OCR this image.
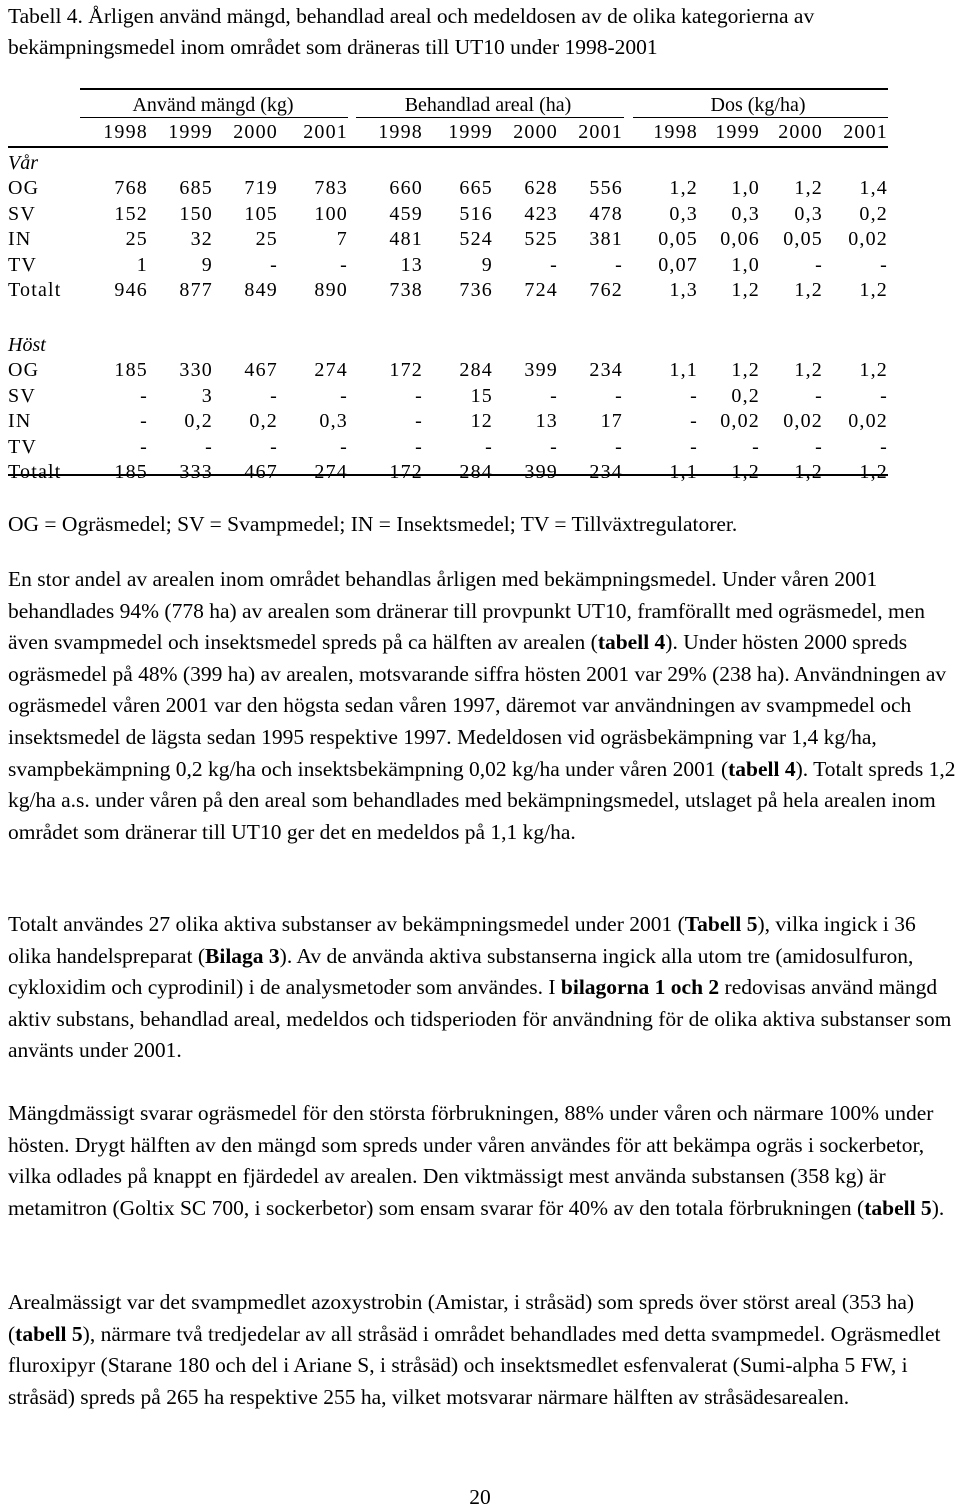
Tabell 4. Årligen använd mängd, behandlad areal och medeldosen av de olika kategorierna av bekämpningsmedel inom området som dräneras till UT10 under 1998-2001
Använd mängd (kg)	Behandlad areal (ha)	Dos (kg/ha)
1998 1999 2000 2001 1998 1999 2000 2001 1998 1999 2000 2001
Vår
OG	768 685 719 783 660 665 628 556 1,2 1,0 1,2 1,4
SV	152 150 105 100 459 516 423 478 0,3 0,3 0,3 0,2
IN	25 32 25	7 481 524 525 381 0,05 0,06 0,05 0,02
TV	1	9	-	-	13	9	-	- 0,07 1,0	-	-
Totalt	946 877 849 890 738 736 724 762 1,3 1,2 1,2 1,2
Höst
OG	185 330 467 274 172 284 399 234 1,1 1,2 1,2 1,2
SV	-	3	-	-	- 15	-	-	- 0,2	-	-
IN	- 0,2 0,2 0,3	- 12 13 17	- 0,02 0,02 0,02
TV	-	-	-	-	-	-	-	-	-	-	-	-
Totalt	185 333 467 274 172 284 399 234 1,1 1,2 1,2 1,2
OG = Ogräsmedel; SV = Svampmedel; IN = Insektsmedel; TV = Tillväxtregulatorer.

En stor andel av arealen inom området behandlas årligen med bekämpningsmedel. Under våren 2001 behandlades 94% (778 ha) av arealen som dränerar till provpunkt UT10, framförallt med ogräsmedel, men även svampmedel och insektsmedel spreds på ca hälften av arealen (tabell 4). Under hösten 2000 spreds ogräsmedel på 48% (399 ha) av arealen, motsvarande siffra hösten 2001 var 29% (238 ha). Användningen av ogräsmedel våren 2001 var den högsta sedan våren 1997, däremot var användningen av svampmedel och insektsmedel de lägsta sedan 1995 respektive 1997. Medeldosen vid ogräsbekämpning var 1,4 kg/ha, svampbekämpning 0,2 kg/ha och insektsbekämpning 0,02 kg/ha under våren 2001 (tabell 4). Totalt spreds 1,2 kg/ha a.s. under våren på den areal som behandlades med bekämpningsmedel, utslaget på hela arealen inom området som dränerar till UT10 ger det en medeldos på 1,1 kg/ha.

Totalt användes 27 olika aktiva substanser av bekämpningsmedel under 2001 (Tabell 5), vilka ingick i 36 olika handelspreparat (Bilaga 3). Av de använda aktiva substanserna ingick alla utom tre (amidosulfuron, cykloxidim och cyprodinil) i de analysmetoder som användes. I bilagorna 1 och 2 redovisas använd mängd aktiv substans, behandlad areal, medeldos och tidsperioden för användning för de olika aktiva substanser som använts under 2001.

Mängdmässigt svarar ogräsmedel för den största förbrukningen, 88% under våren och närmare 100% under hösten. Drygt hälften av den mängd som spreds under våren användes för att bekämpa ogräs i sockerbetor, vilka odlades på knappt en fjärdedel av arealen. Den viktmässigt mest använda substansen (358 kg) är metamitron (Goltix SC 700, i sockerbetor) som ensam svarar för 40% av den totala förbrukningen (tabell 5).

Arealmässigt var det svampmedlet azoxystrobin (Amistar, i stråsäd) som spreds över störst areal (353 ha) (tabell 5), närmare två tredjedelar av all stråsäd i området behandlades med detta svampmedel. Ogräsmedlet fluroxipyr (Starane 180 och del i Ariane S, i stråsäd) och insektsmedlet esfenvalerat (Sumi-alpha 5 FW, i stråsäd) spreds på 265 ha respektive 255 ha, vilket motsvarar närmare hälften av stråsädesarealen.

20
